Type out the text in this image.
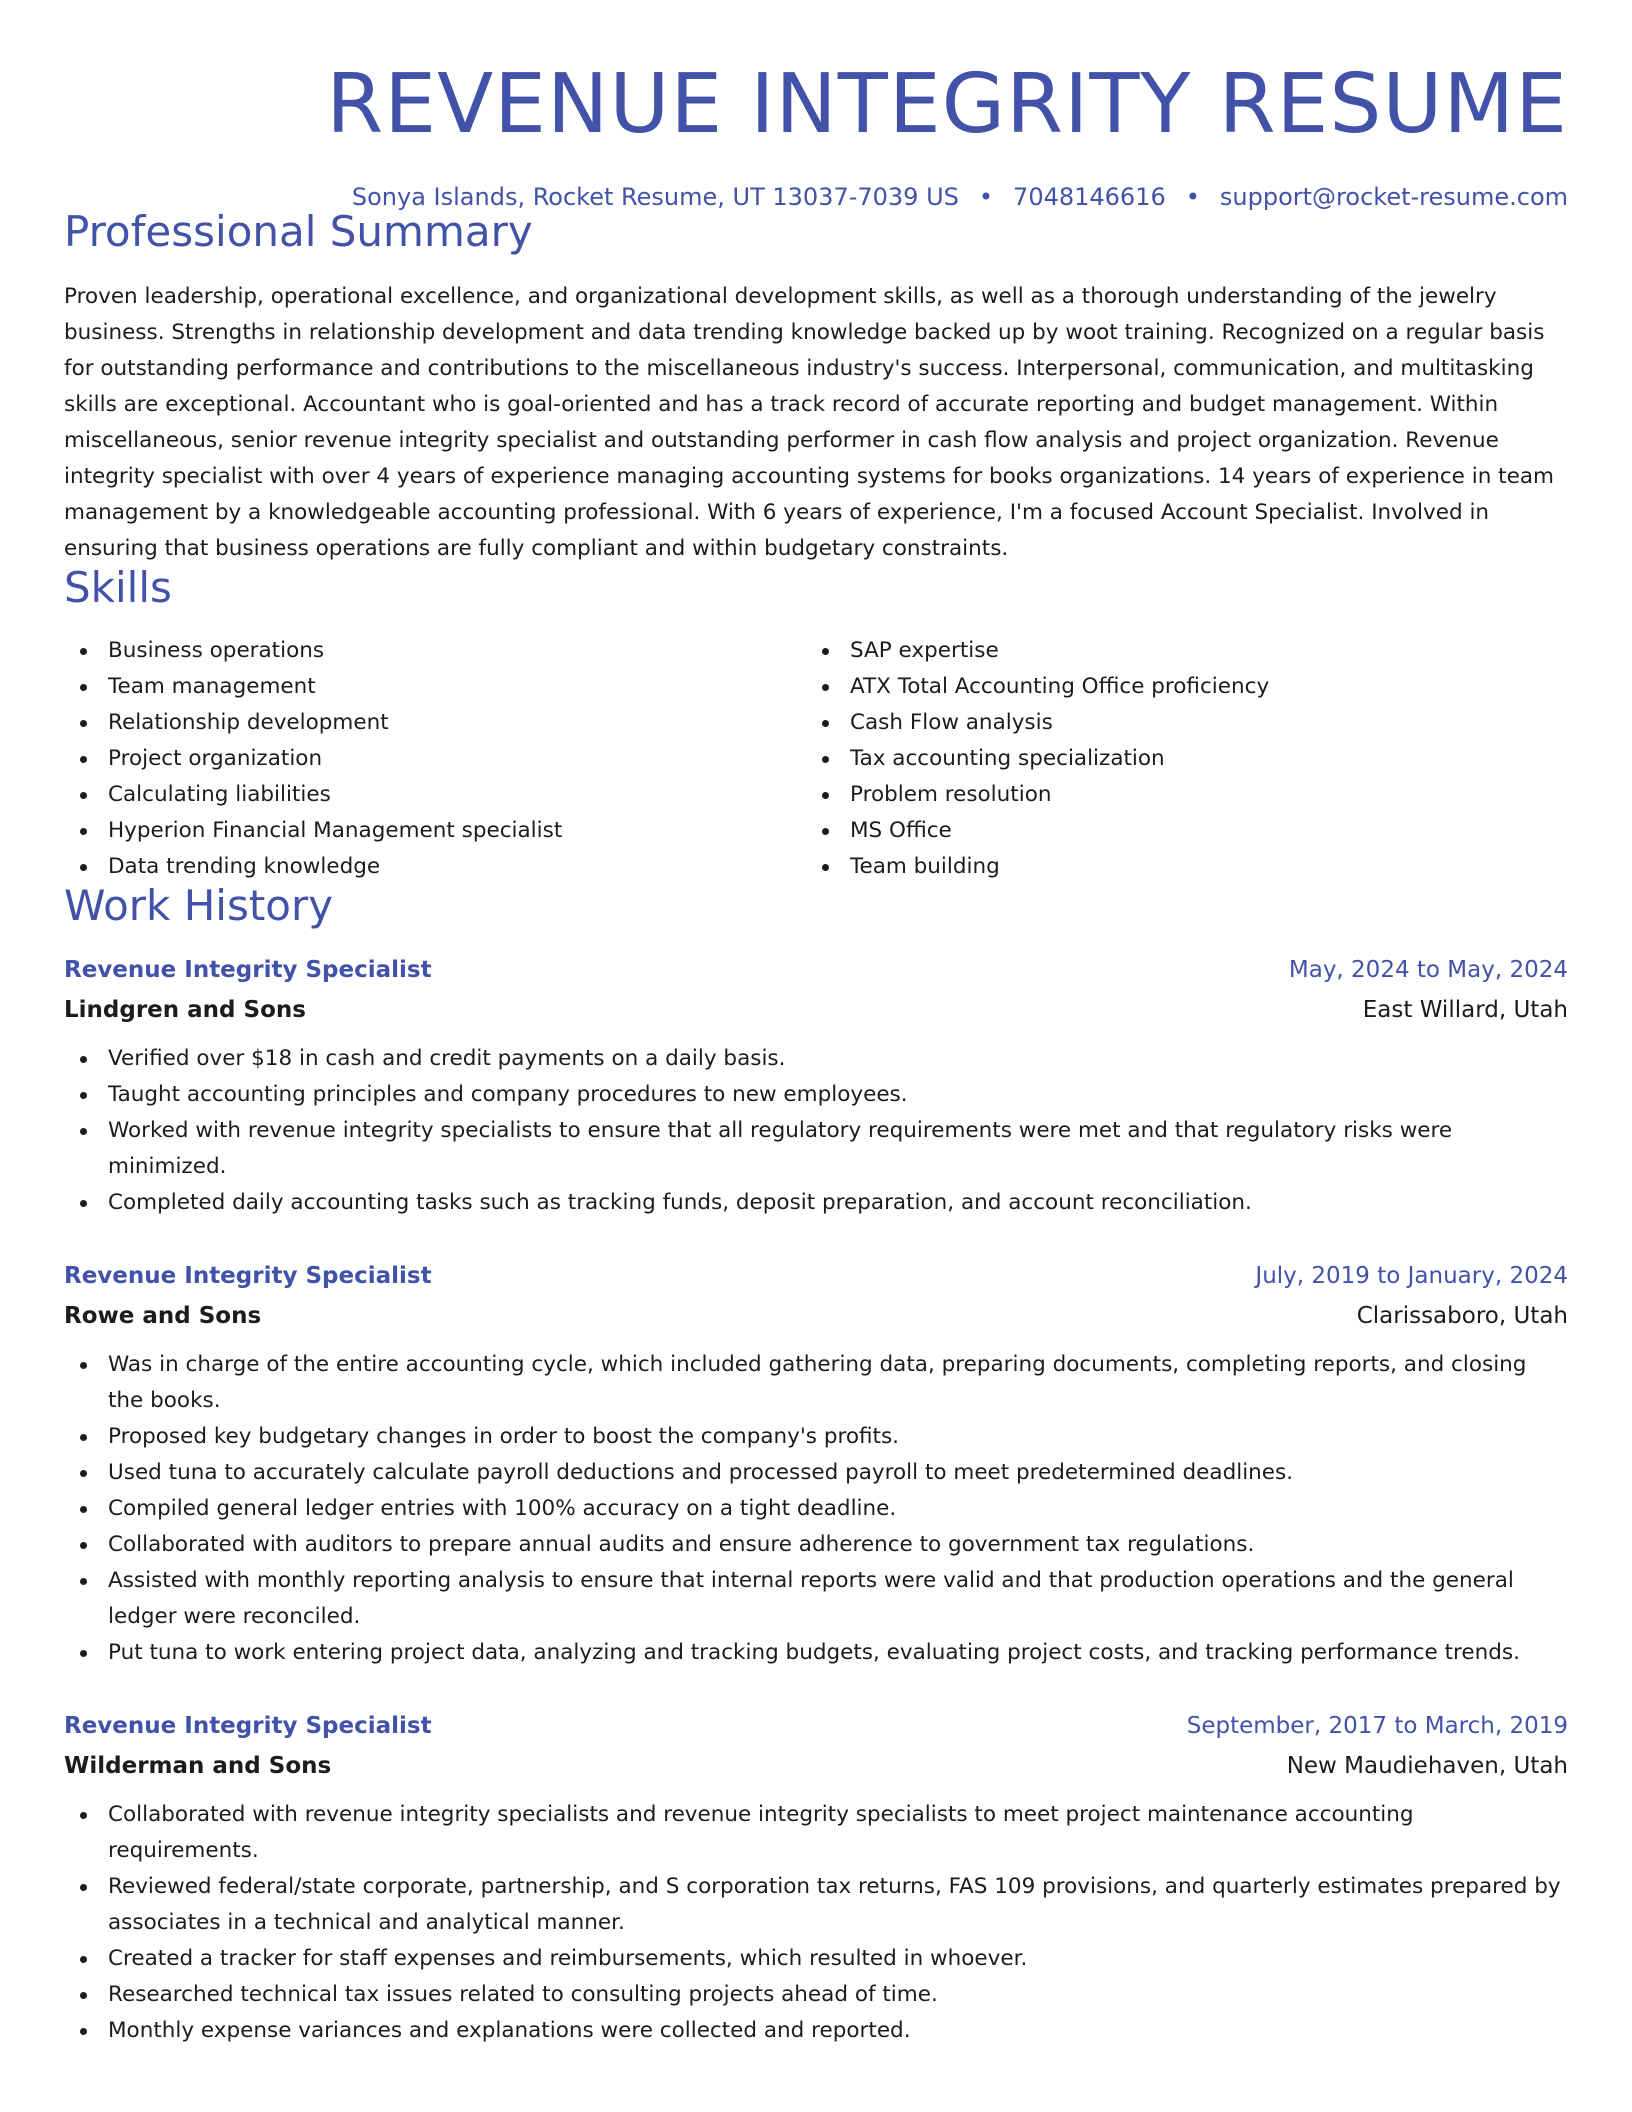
REVENUE INTEGRITY RESUME
Sonya Islands, Rocket Resume, UT 13037-7039 US • 7048146616 • support@rocket-resume.com
Professional Summary

Proven leadership, operational excellence, and organizational development skills, as well as a thorough understanding of the jewelry business. Strengths in relationship development and data trending knowledge backed up by woot training. Recognized on a regular basis for outstanding performance and contributions to the miscellaneous industry's success. Interpersonal, communication, and multitasking skills are exceptional. Accountant who is goal-oriented and has a track record of accurate reporting and budget management. Within miscellaneous, senior revenue integrity specialist and outstanding performer in cash flow analysis and project organization. Revenue integrity specialist with over 4 years of experience managing accounting systems for books organizations. 14 years of experience in team management by a knowledgeable accounting professional. With 6 years of experience, I'm a focused Account Specialist. Involved in ensuring that business operations are fully compliant and within budgetary constraints.

Skills
Business operations
Team management
Relationship development
Project organization
Calculating liabilities
Hyperion Financial Management specialist
Data trending knowledge
SAP expertise
ATX Total Accounting Office proficiency
Cash Flow analysis
Tax accounting specialization
Problem resolution
MS Office
Team building
Work History
Revenue Integrity Specialist	May, 2024 to May, 2024
Lindgren and Sons	East Willard, Utah
Verified over $18 in cash and credit payments on a daily basis.
Taught accounting principles and company procedures to new employees.
Worked with revenue integrity specialists to ensure that all regulatory requirements were met and that regulatory risks were minimized.
Completed daily accounting tasks such as tracking funds, deposit preparation, and account reconciliation.
Revenue Integrity Specialist	July, 2019 to January, 2024
Rowe and Sons	Clarissaboro, Utah
Was in charge of the entire accounting cycle, which included gathering data, preparing documents, completing reports, and closing the books.
Proposed key budgetary changes in order to boost the company's profits.
Used tuna to accurately calculate payroll deductions and processed payroll to meet predetermined deadlines.
Compiled general ledger entries with 100% accuracy on a tight deadline.
Collaborated with auditors to prepare annual audits and ensure adherence to government tax regulations.
Assisted with monthly reporting analysis to ensure that internal reports were valid and that production operations and the general ledger were reconciled.
Put tuna to work entering project data, analyzing and tracking budgets, evaluating project costs, and tracking performance trends.
Revenue Integrity Specialist	September, 2017 to March, 2019
Wilderman and Sons	New Maudiehaven, Utah
Collaborated with revenue integrity specialists and revenue integrity specialists to meet project maintenance accounting requirements.
Reviewed federal/state corporate, partnership, and S corporation tax returns, FAS 109 provisions, and quarterly estimates prepared by associates in a technical and analytical manner.
Created a tracker for staff expenses and reimbursements, which resulted in whoever.
Researched technical tax issues related to consulting projects ahead of time.
Monthly expense variances and explanations were collected and reported.
